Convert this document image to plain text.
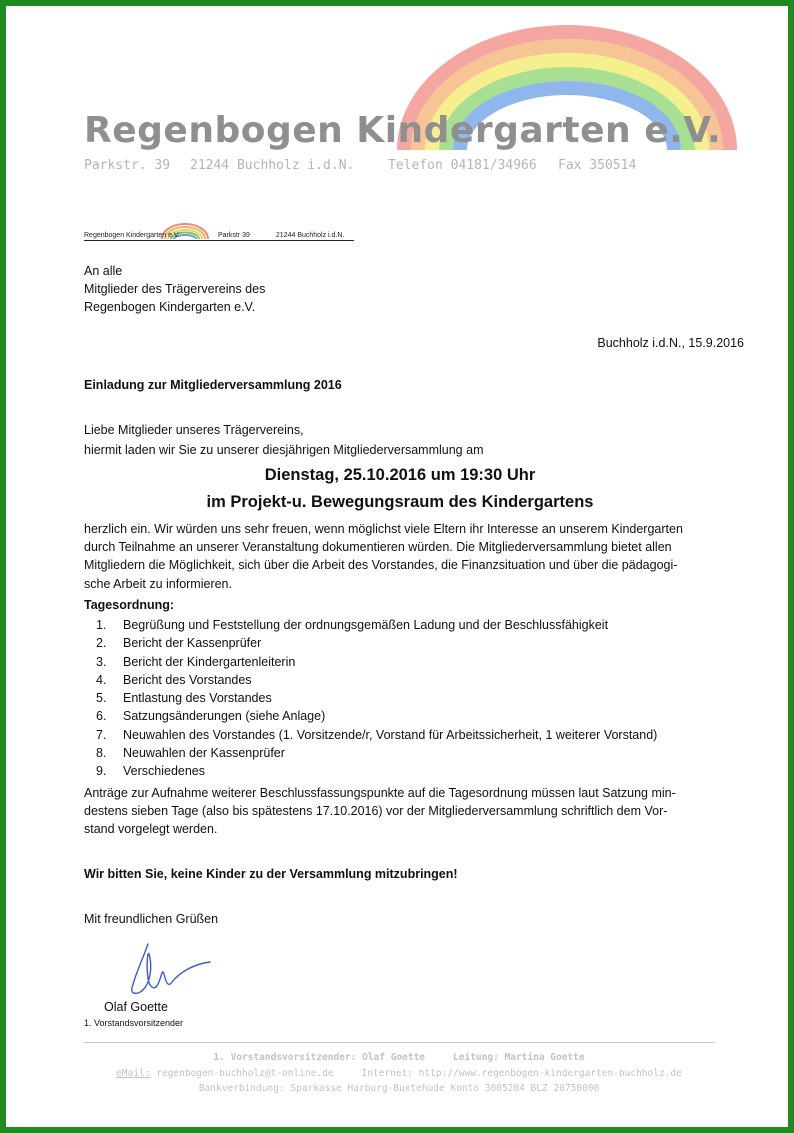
Regenbogen Kindergarten e.V.
Parkstr. 39 21244 Buchholz i.d.N.	Telefon 04181/34966 Fax 350514
Regenbogen Kindergarten e.V.	Parkstr 39	21244 Buchholz i.d.N.
An alle
Mitglieder des Trägervereins des
Regenbogen Kindergarten e.V.
Buchholz i.d.N., 15.9.2016
Einladung zur Mitgliederversammlung 2016
Liebe Mitglieder unseres Trägervereins,
hiermit laden wir Sie zu unserer diesjährigen Mitgliederversammlung am
Dienstag, 25.10.2016 um 19:30 Uhr
im Projekt-u. Bewegungsraum des Kindergartens
herzlich ein. Wir würden uns sehr freuen, wenn möglichst viele Eltern ihr Interesse an unserem Kindergarten
durch Teilnahme an unserer Veranstaltung dokumentieren würden. Die Mitgliederversammlung bietet allen
Mitgliedern die Möglichkeit, sich über die Arbeit des Vorstandes, die Finanzsituation und über die pädagogi-
sche Arbeit zu informieren.
Tagesordnung:
1. Begrüßung und Feststellung der ordnungsgemäßen Ladung und der Beschlussfähigkeit
2. Bericht der Kassenprüfer
3. Bericht der Kindergartenleiterin
4. Bericht des Vorstandes
5. Entlastung des Vorstandes
6. Satzungsänderungen (siehe Anlage)
7. Neuwahlen des Vorstandes (1. Vorsitzende/r, Vorstand für Arbeitssicherheit, 1 weiterer Vorstand)
8. Neuwahlen der Kassenprüfer
9. Verschiedenes
Anträge zur Aufnahme weiterer Beschlussfassungspunkte auf die Tagesordnung müssen laut Satzung min-
destens sieben Tage (also bis spätestens 17.10.2016) vor der Mitgliederversammlung schriftlich dem Vor-
stand vorgelegt werden.
Wir bitten Sie, keine Kinder zu der Versammlung mitzubringen!
Mit freundlichen Grüßen
Olaf Goette
1. Vorstandsvorsitzender
1. Vorstandsvorsitzender: Olaf Goette	Leitung: Martina Goette
eMail: regenbogen-buchholz@t-online.de	Internet: http://www.regenbogen-kindergarten-buchholz.de
Bankverbindung: Sparkasse Harburg-Buxtehude Konto 3005204 BLZ 20750000
